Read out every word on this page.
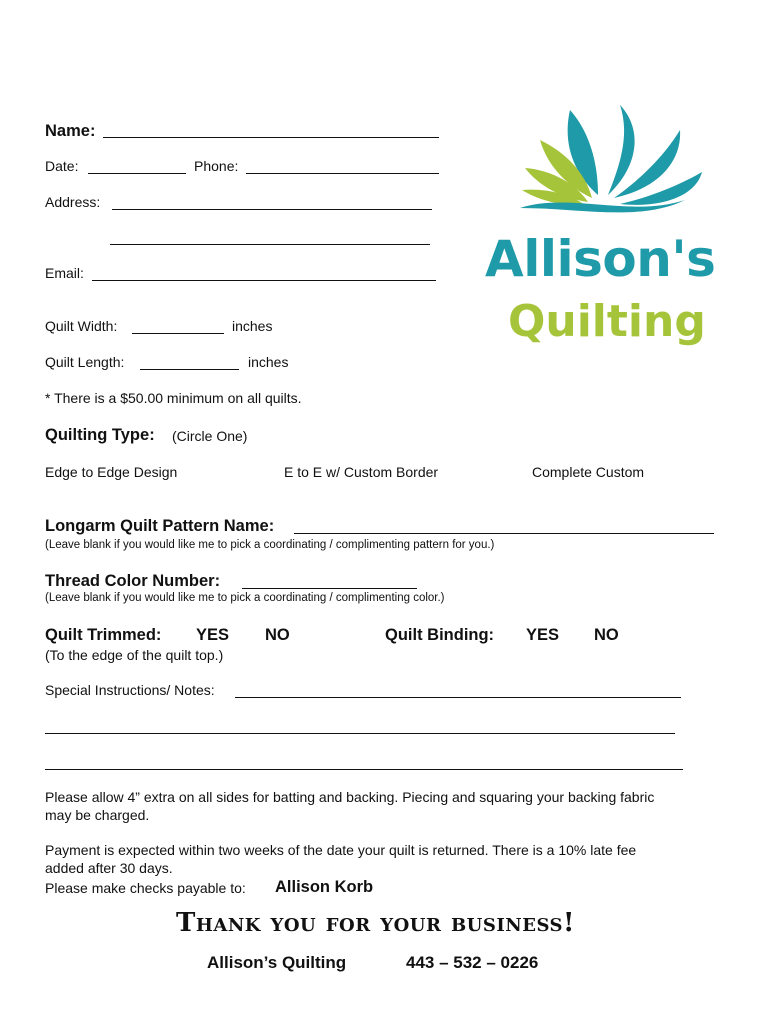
Name:
Date:	Phone:
Address:
Email:
Quilt Width:	inches
Quilt Length:	inches
* There is a $50.00 minimum on all quilts.
Quilting Type: (Circle One)
Edge to Edge Design	E to E w/ Custom Border	Complete Custom
Longarm Quilt Pattern Name:
(Leave blank if you would like me to pick a coordinating / complimenting pattern for you.)
Thread Color Number:
(Leave blank if you would like me to pick a coordinating / complimenting color.)
Quilt Trimmed: YES NO	Quilt Binding: YES NO
(To the edge of the quilt top.)
Special Instructions/ Notes:
Please allow 4” extra on all sides for batting and backing. Piecing and squaring your backing fabric
may be charged.
Payment is expected within two weeks of the date your quilt is returned. There is a 10% late fee
added after 30 days.
Please make checks payable to: Allison Korb
Thank you for your business!
Allison’s Quilting	443 – 532 – 0226
Allison's
Quilting
